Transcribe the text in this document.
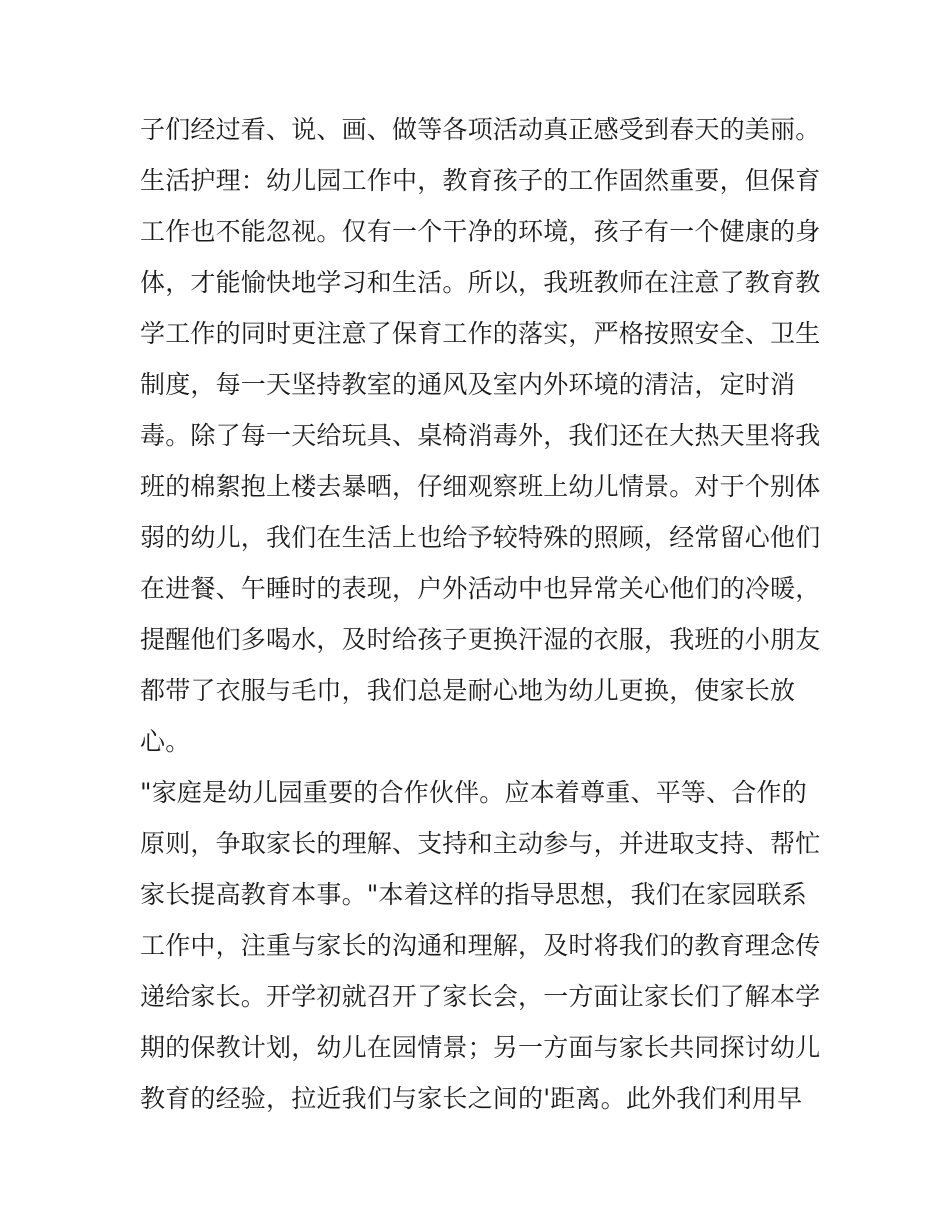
子们经过看、说、画、做等各项活动真正感受到春天的美丽。
生活护理：幼儿园工作中，教育孩子的工作固然重要，但保育
工作也不能忽视。仅有一个干净的环境，孩子有一个健康的身
体，才能愉快地学习和生活。所以，我班教师在注意了教育教
学工作的同时更注意了保育工作的落实，严格按照安全、卫生
制度，每一天坚持教室的通风及室内外环境的清洁，定时消
毒。除了每一天给玩具、桌椅消毒外，我们还在大热天里将我
班的棉絮抱上楼去暴晒，仔细观察班上幼儿情景。对于个别体
弱的幼儿，我们在生活上也给予较特殊的照顾，经常留心他们
在进餐、午睡时的表现，户外活动中也异常关心他们的冷暖，
提醒他们多喝水，及时给孩子更换汗湿的衣服，我班的小朋友
都带了衣服与毛巾，我们总是耐心地为幼儿更换，使家长放
心。
"家庭是幼儿园重要的合作伙伴。应本着尊重、平等、合作的
原则，争取家长的理解、支持和主动参与，并进取支持、帮忙
家长提高教育本事。"本着这样的指导思想，我们在家园联系
工作中，注重与家长的沟通和理解，及时将我们的教育理念传
递给家长。开学初就召开了家长会，一方面让家长们了解本学
期的保教计划，幼儿在园情景；另一方面与家长共同探讨幼儿
教育的经验，拉近我们与家长之间的'距离。此外我们利用早
